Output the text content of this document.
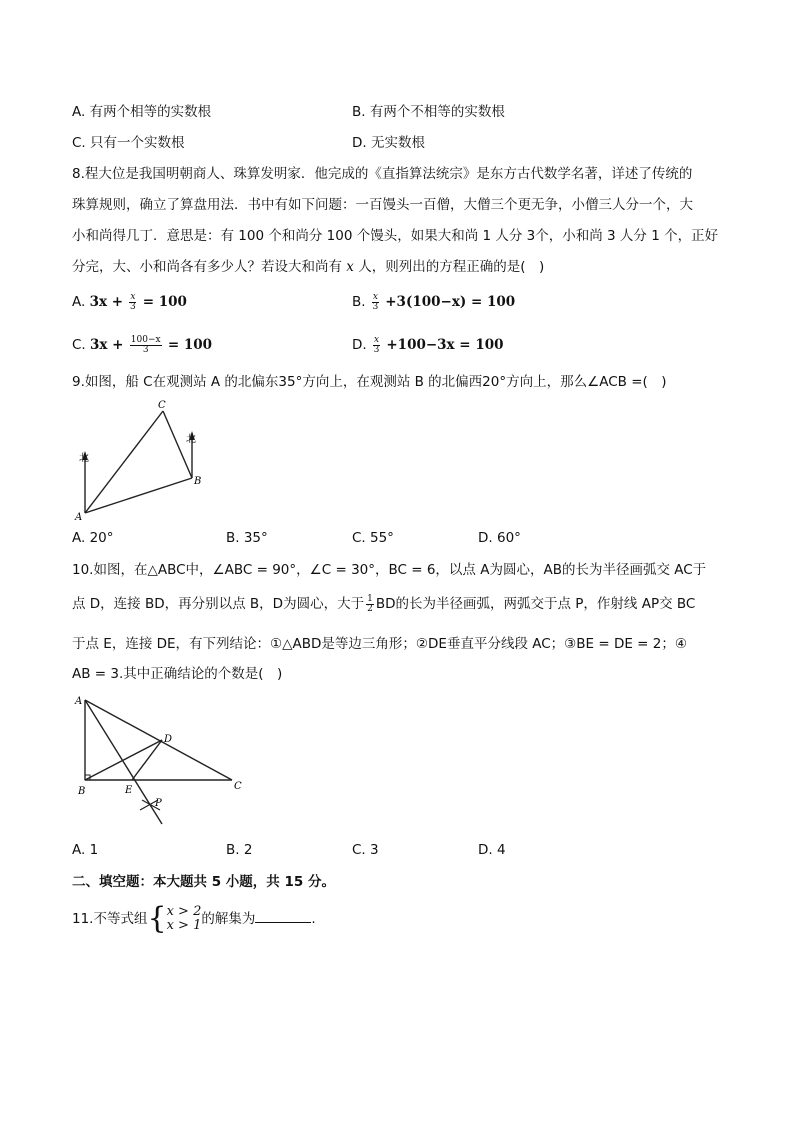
A. 有两个相等的实数根	B. 有两个不相等的实数根
C. 只有一个实数根	D. 无实数根
8.程大位是我国明朝商人、珠算发明家．他完成的《直指算法统宗》是东方古代数学名著，详述了传统的
珠算规则，确立了算盘用法．书中有如下问题：一百馒头一百僧，大僧三个更无争，小僧三人分一个，大
小和尚得几丁．意思是：有 100 个和尚分 100 个馒头，如果大和尚 1 人分 3个，小和尚 3 人分 1 个，正好
分完，大、小和尚各有多少人？若设大和尚有 x 人，则列出的方程正确的是(　)
A. $3x + \frac{x}{3} = 100$	B. $\frac{x}{3} +3(100-x) = 100$
C. $3x + \frac{100-x}{3} = 100$	D. $\frac{x}{3} +100-3x = 100$
9.如图，船 C在观测站 A 的北偏东35°方向上，在观测站 B 的北偏西20°方向上，那么∠ACB =(　)
C
A
B
北
北
A. 20°	B. 35°	C. 55°	D. 60°
10.如图，在△ABC中，∠ABC = 90°，∠C = 30°，BC = 6，以点 A为圆心，AB的长为半径画弧交 AC于
点 D，连接 BD，再分别以点 B，D为圆心，大于 $\frac{1}{2}$ BD的长为半径画弧，两弧交于点 P，作射线 AP交 BC
于点 E，连接 DE，有下列结论：①△ABD是等边三角形；②DE垂直平分线段 AC；③BE = DE = 2；④
AB = 3.其中正确结论的个数是(　)
A
B	C
D
E
P
A. 1	B. 2	C. 3	D. 4
二、填空题：本大题共 5 小题，共 15 分。
11.不等式组 { x > 2
x > 1 的解集为	.
